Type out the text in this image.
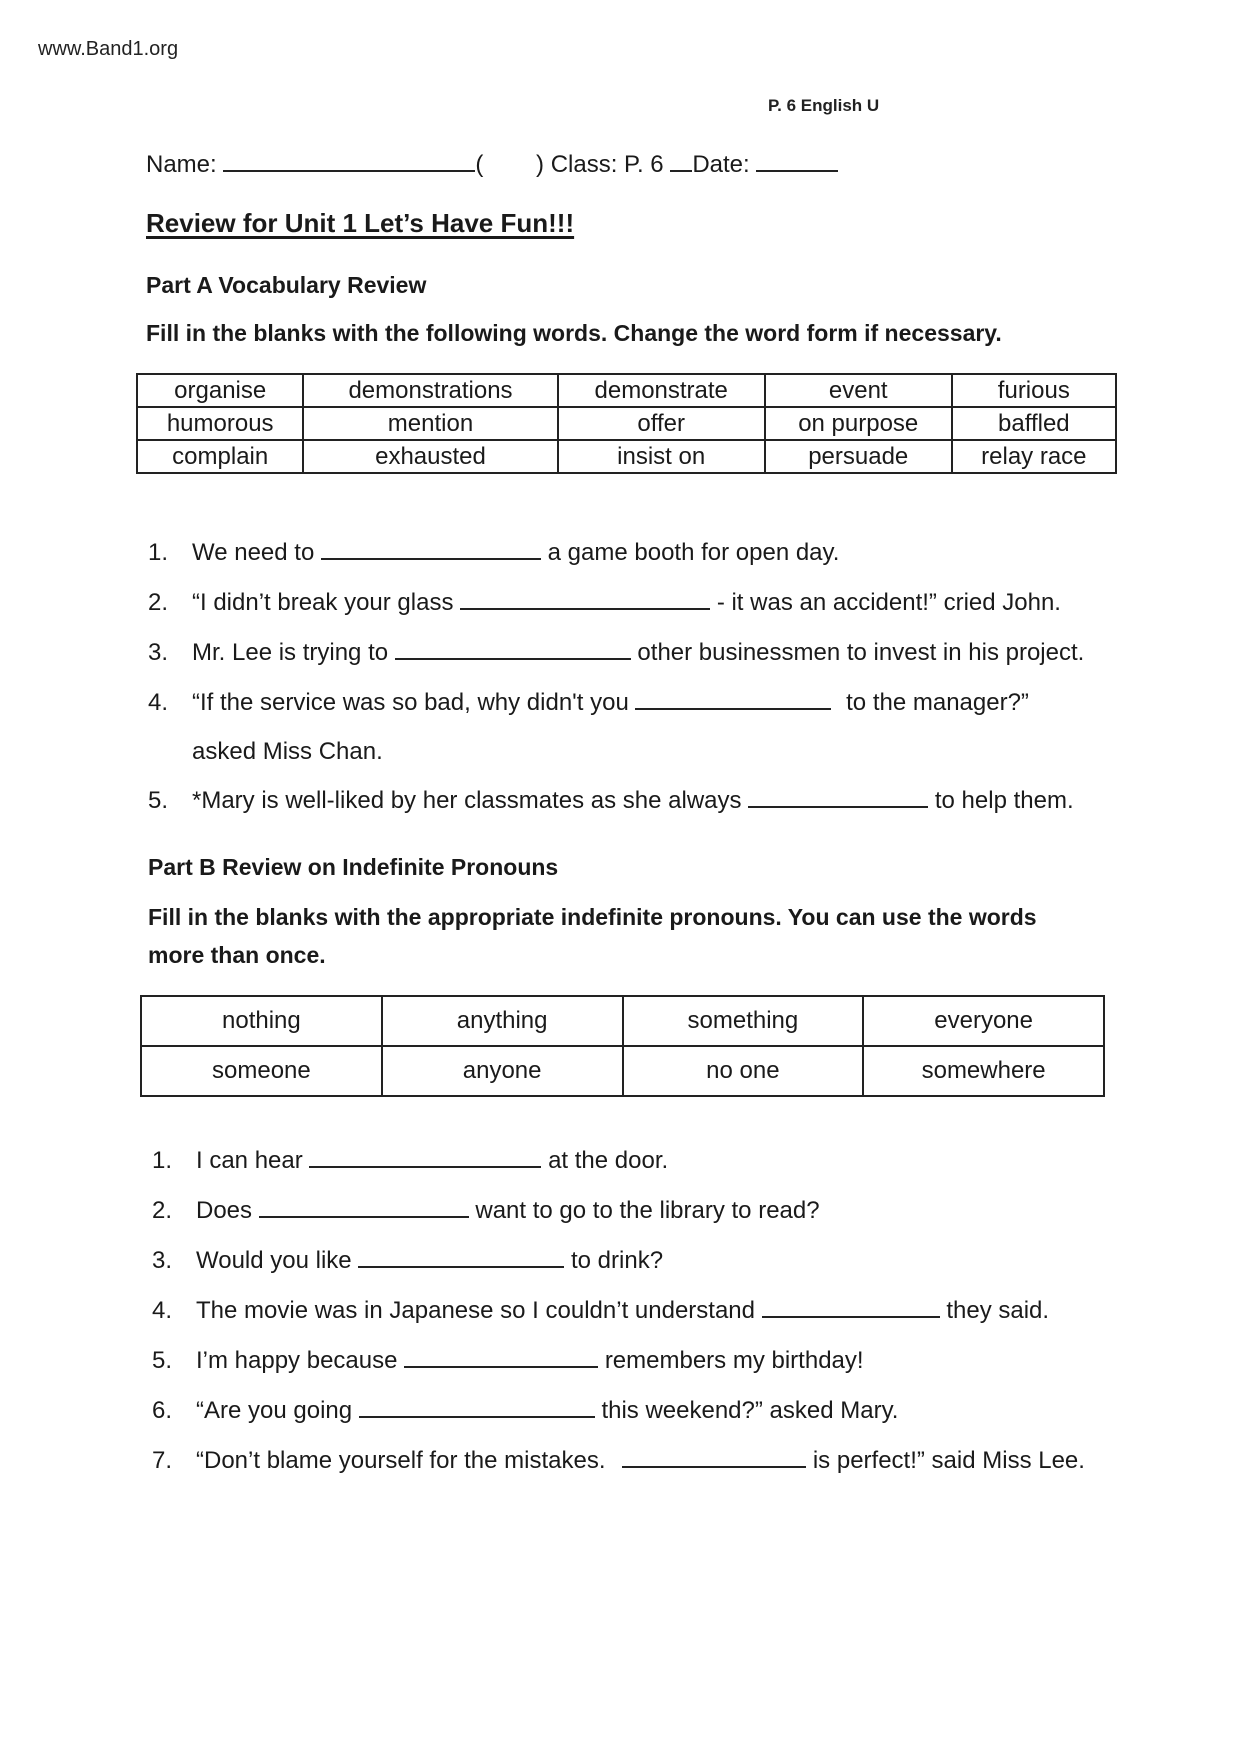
www.Band1.org
P. 6 English U
Name:	( ) Class: P. 6 Date:
Review for Unit 1 Let’s Have Fun!!!
Part A Vocabulary Review
Fill in the blanks with the following words. Change the word form if necessary.
organise	demonstrations	demonstrate	event	furious
humorous	mention	offer	on purpose	baffled
complain	exhausted	insist on	persuade	relay race
1. We need to	a game booth for open day.
2. “I didn’t break your glass	- it was an accident!” cried John.
3. Mr. Lee is trying to	other businessmen to invest in his project.
4. “If the service was so bad, why didn't you	to the manager?”
asked Miss Chan.
5. *Mary is well-liked by her classmates as she always	to help them.
Part B Review on Indefinite Pronouns
Fill in the blanks with the appropriate indefinite pronouns. You can use the words
more than once.
nothing	anything	something	everyone
someone	anyone	no one	somewhere
1. I can hear	at the door.
2. Does	want to go to the library to read?
3. Would you like	to drink?
4. The movie was in Japanese so I couldn’t understand	they said.
5. I’m happy because	remembers my birthday!
6. “Are you going	this weekend?” asked Mary.
7. “Don’t blame yourself for the mistakes.	is perfect!” said Miss Lee.
